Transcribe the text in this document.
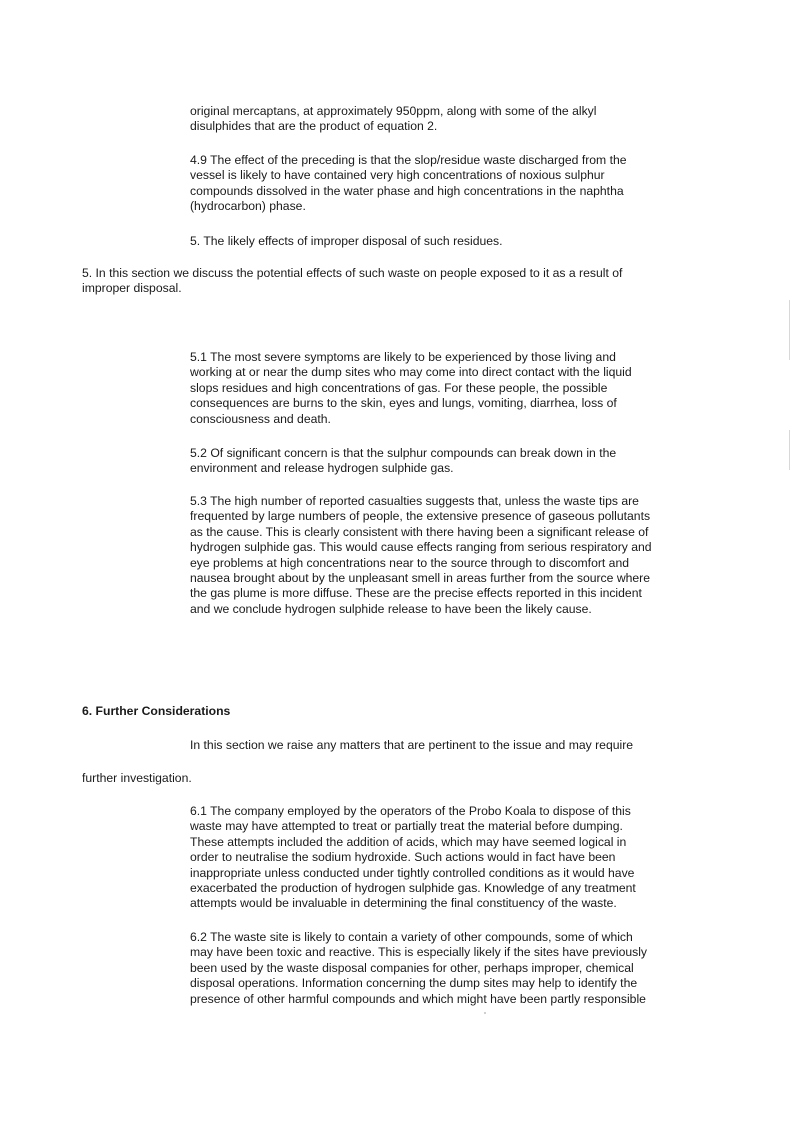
original mercaptans, at approximately 950ppm, along with some of the alkyl
disulphides that are the product of equation 2.

4.9 The effect of the preceding is that the slop/residue waste discharged from the
vessel is likely to have contained very high concentrations of noxious sulphur
compounds dissolved in the water phase and high concentrations in the naphtha
(hydrocarbon) phase.

5. The likely effects of improper disposal of such residues.

5. In this section we discuss the potential effects of such waste on people exposed to it as a result of
improper disposal.

5.1 The most severe symptoms are likely to be experienced by those living and
working at or near the dump sites who may come into direct contact with the liquid
slops residues and high concentrations of gas. For these people, the possible
consequences are burns to the skin, eyes and lungs, vomiting, diarrhea, loss of
consciousness and death.

5.2 Of significant concern is that the sulphur compounds can break down in the
environment and release hydrogen sulphide gas.

5.3 The high number of reported casualties suggests that, unless the waste tips are
frequented by large numbers of people, the extensive presence of gaseous pollutants
as the cause. This is clearly consistent with there having been a significant release of
hydrogen sulphide gas. This would cause effects ranging from serious respiratory and
eye problems at high concentrations near to the source through to discomfort and
nausea brought about by the unpleasant smell in areas further from the source where
the gas plume is more diffuse. These are the precise effects reported in this incident
and we conclude hydrogen sulphide release to have been the likely cause.

6. Further Considerations

In this section we raise any matters that are pertinent to the issue and may require

further investigation.

6.1 The company employed by the operators of the Probo Koala to dispose of this
waste may have attempted to treat or partially treat the material before dumping.
These attempts included the addition of acids, which may have seemed logical in
order to neutralise the sodium hydroxide. Such actions would in fact have been
inappropriate unless conducted under tightly controlled conditions as it would have
exacerbated the production of hydrogen sulphide gas. Knowledge of any treatment
attempts would be invaluable in determining the final constituency of the waste.

6.2 The waste site is likely to contain a variety of other compounds, some of which
may have been toxic and reactive. This is especially likely if the sites have previously
been used by the waste disposal companies for other, perhaps improper, chemical
disposal operations. Information concerning the dump sites may help to identify the
presence of other harmful compounds and which might have been partly responsible
